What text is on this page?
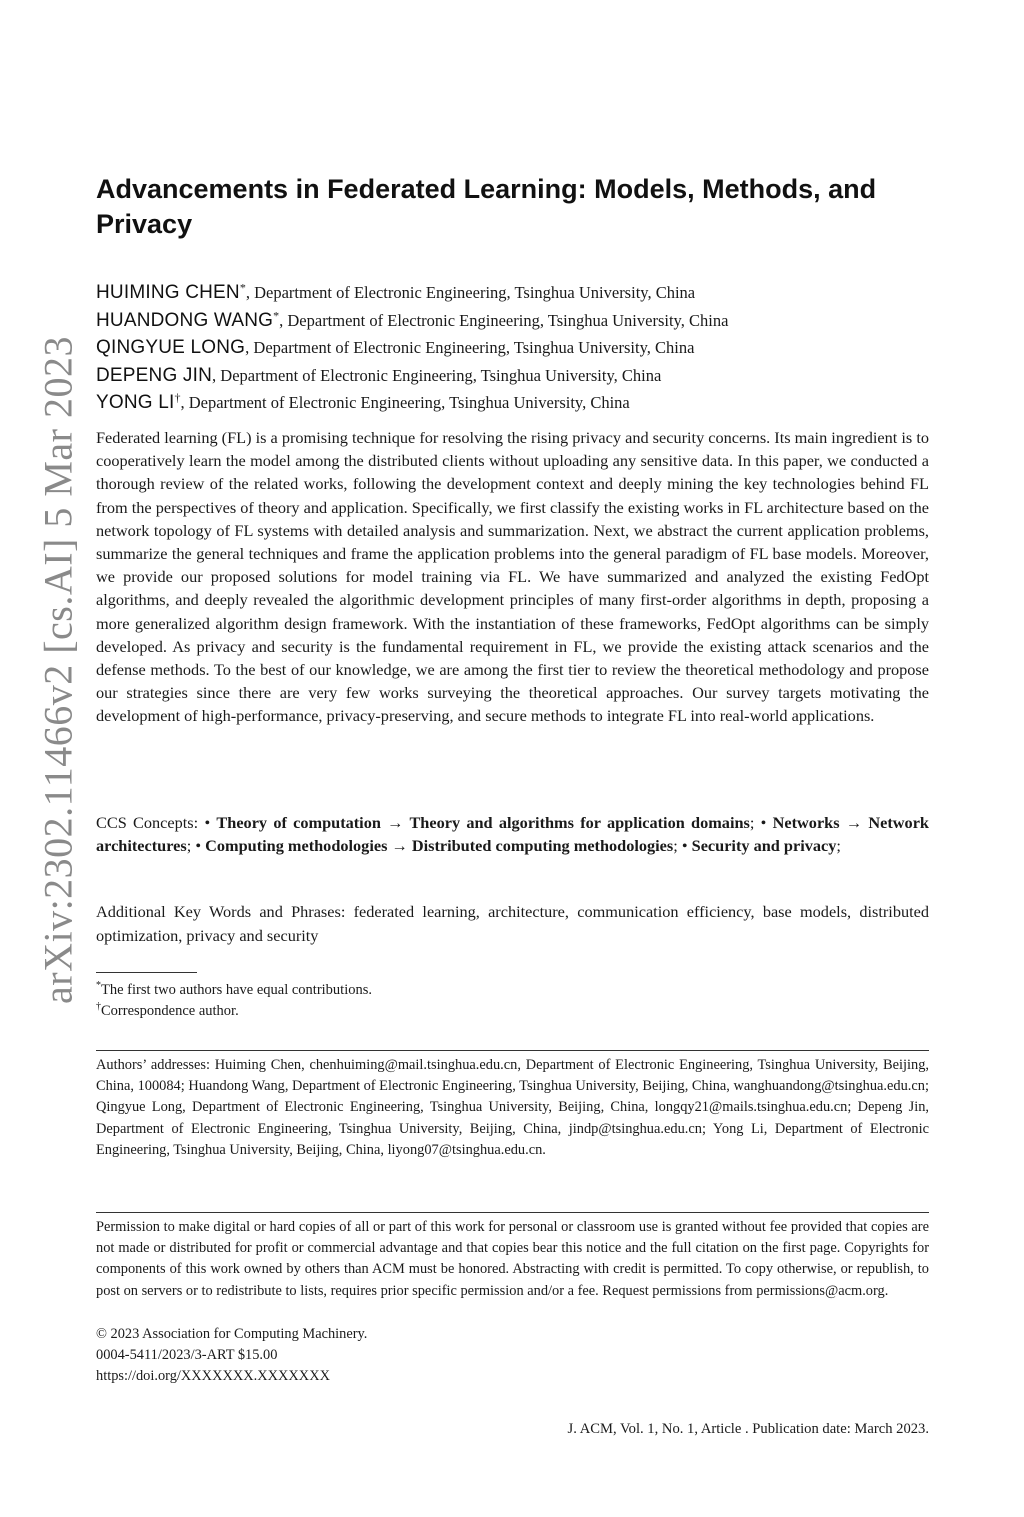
arXiv:2302.11466v2 [cs.AI] 5 Mar 2023
Advancements in Federated Learning: Models, Methods, and Privacy
HUIMING CHEN*, Department of Electronic Engineering, Tsinghua University, China
HUANDONG WANG*, Department of Electronic Engineering, Tsinghua University, China
QINGYUE LONG, Department of Electronic Engineering, Tsinghua University, China
DEPENG JIN, Department of Electronic Engineering, Tsinghua University, China
YONG LI†, Department of Electronic Engineering, Tsinghua University, China

Federated learning (FL) is a promising technique for resolving the rising privacy and security concerns. Its main ingredient is to cooperatively learn the model among the distributed clients without uploading any sensitive data. In this paper, we conducted a thorough review of the related works, following the development context and deeply mining the key technologies behind FL from the perspectives of theory and application. Specifically, we first classify the existing works in FL architecture based on the network topology of FL systems with detailed analysis and summarization. Next, we abstract the current application problems, summarize the general techniques and frame the application problems into the general paradigm of FL base models. Moreover, we provide our proposed solutions for model training via FL. We have summarized and analyzed the existing FedOpt algorithms, and deeply revealed the algorithmic development principles of many first-order algorithms in depth, proposing a more generalized algorithm design framework. With the instantiation of these frameworks, FedOpt algorithms can be simply developed. As privacy and security is the fundamental requirement in FL, we provide the existing attack scenarios and the defense methods. To the best of our knowledge, we are among the first tier to review the theoretical methodology and propose our strategies since there are very few works surveying the theoretical approaches. Our survey targets motivating the development of high-performance, privacy-preserving, and secure methods to integrate FL into real-world applications.

CCS Concepts: • Theory of computation → Theory and algorithms for application domains; • Networks → Network architectures; • Computing methodologies → Distributed computing methodologies; • Security and privacy;

Additional Key Words and Phrases: federated learning, architecture, communication efficiency, base models, distributed optimization, privacy and security

*The first two authors have equal contributions.
†Correspondence author.

Authors’ addresses: Huiming Chen, chenhuiming@mail.tsinghua.edu.cn, Department of Electronic Engineering, Tsinghua University, Beijing, China, 100084; Huandong Wang, Department of Electronic Engineering, Tsinghua University, Beijing, China, wanghuandong@tsinghua.edu.cn; Qingyue Long, Department of Electronic Engineering, Tsinghua University, Beijing, China, longqy21@mails.tsinghua.edu.cn; Depeng Jin, Department of Electronic Engineering, Tsinghua University, Beijing, China, jindp@tsinghua.edu.cn; Yong Li, Department of Electronic Engineering, Tsinghua University, Beijing, China, liyong07@tsinghua.edu.cn.

Permission to make digital or hard copies of all or part of this work for personal or classroom use is granted without fee provided that copies are not made or distributed for profit or commercial advantage and that copies bear this notice and the full citation on the first page. Copyrights for components of this work owned by others than ACM must be honored. Abstracting with credit is permitted. To copy otherwise, or republish, to post on servers or to redistribute to lists, requires prior specific permission and/or a fee. Request permissions from permissions@acm.org.

© 2023 Association for Computing Machinery.
0004-5411/2023/3-ART $15.00
https://doi.org/XXXXXXX.XXXXXXX
J. ACM, Vol. 1, No. 1, Article . Publication date: March 2023.
